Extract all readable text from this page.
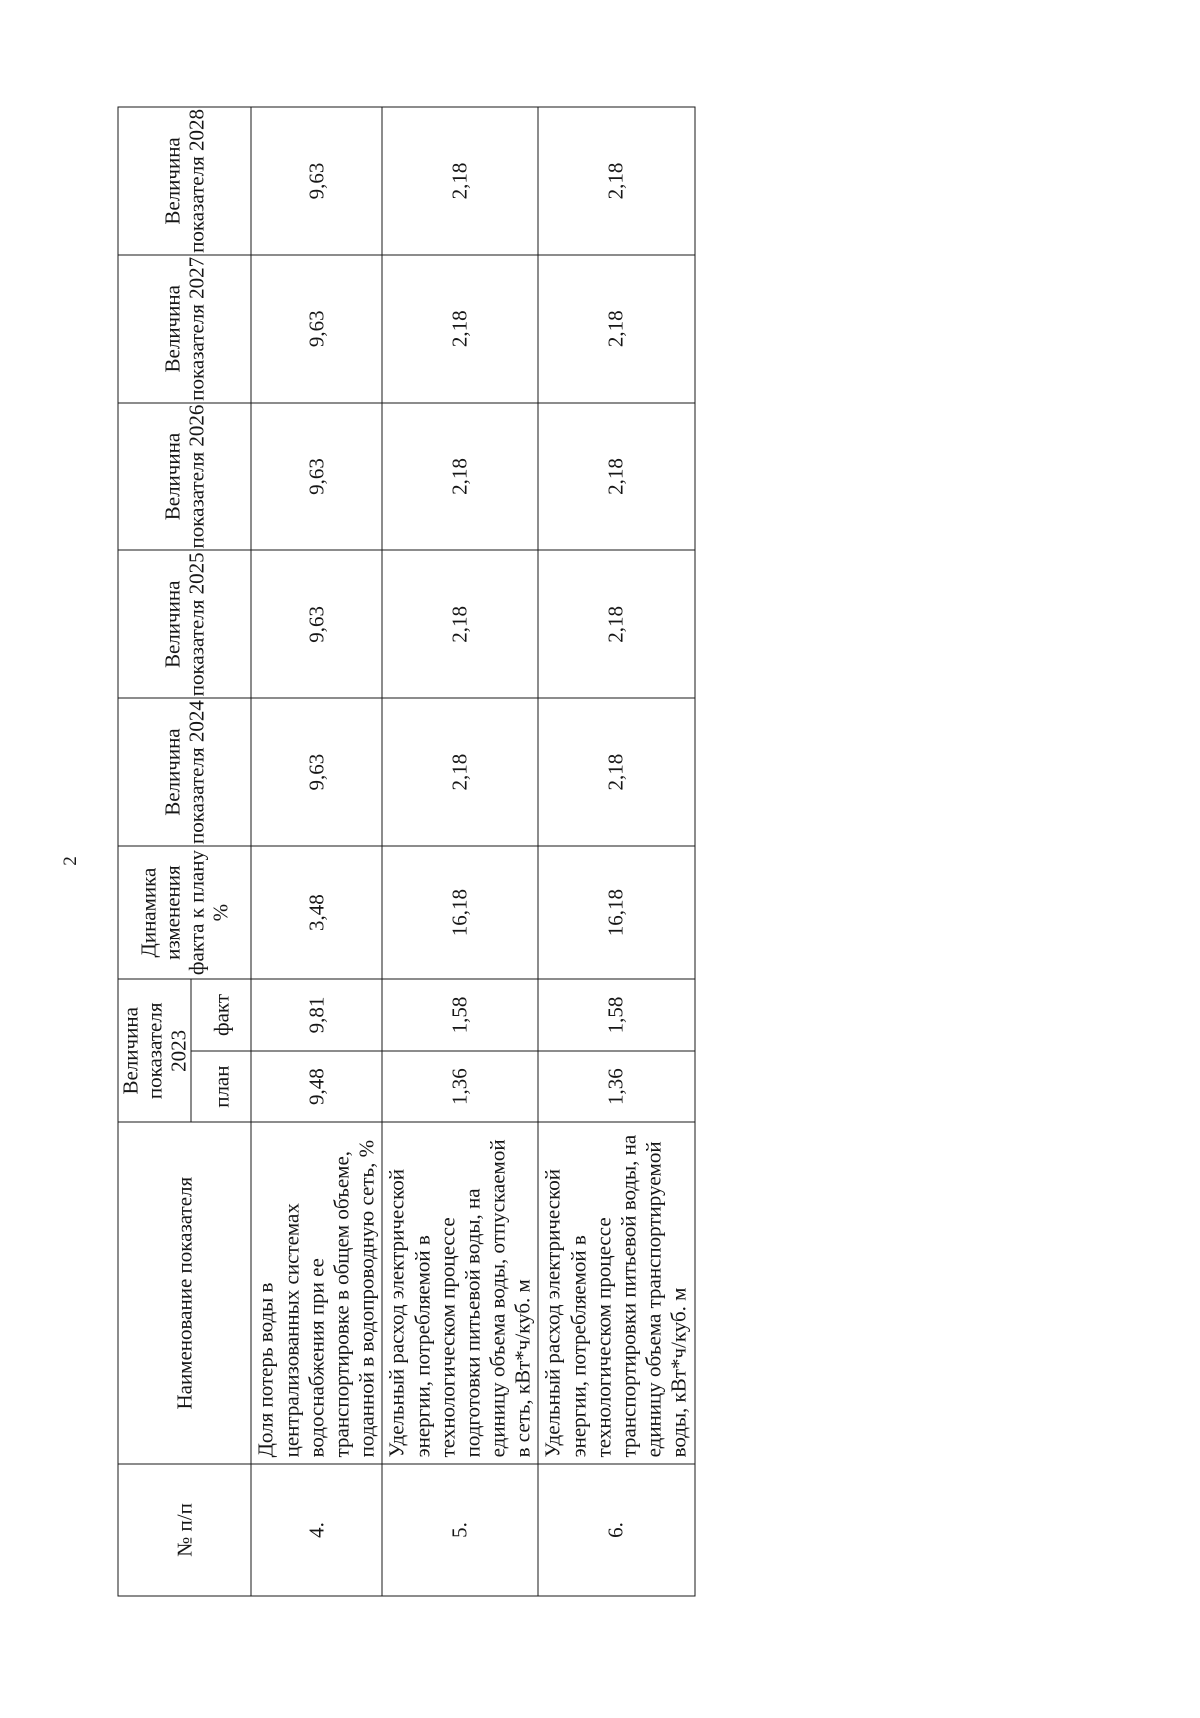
2
№ п/п	Наименование показателя	Величина показателя 2023		Динамика изменения факта к плану %	Величина показателя 2024	Величина показателя 2025	Величина показателя 2026	Величина показателя 2027	Величина показателя 2028
		план	факт						
4.	Доля потерь воды в централизованных системах водоснабжения при ее транспортировке в общем объеме, поданной в водопроводную сеть, %	9,48	9,81	3,48	9,63	9,63	9,63	9,63	9,63
5.	Удельный расход электрической энергии, потребляемой в технологическом процессе подготовки питьевой воды, на единицу объема воды, отпускаемой в сеть, кВт*ч/куб. м	1,36	1,58	16,18	2,18	2,18	2,18	2,18	2,18
6.	Удельный расход электрической энергии, потребляемой в технологическом процессе транспортировки питьевой воды, на единицу объема транспортируемой воды, кВт*ч/куб. м	1,36	1,58	16,18	2,18	2,18	2,18	2,18	2,18
